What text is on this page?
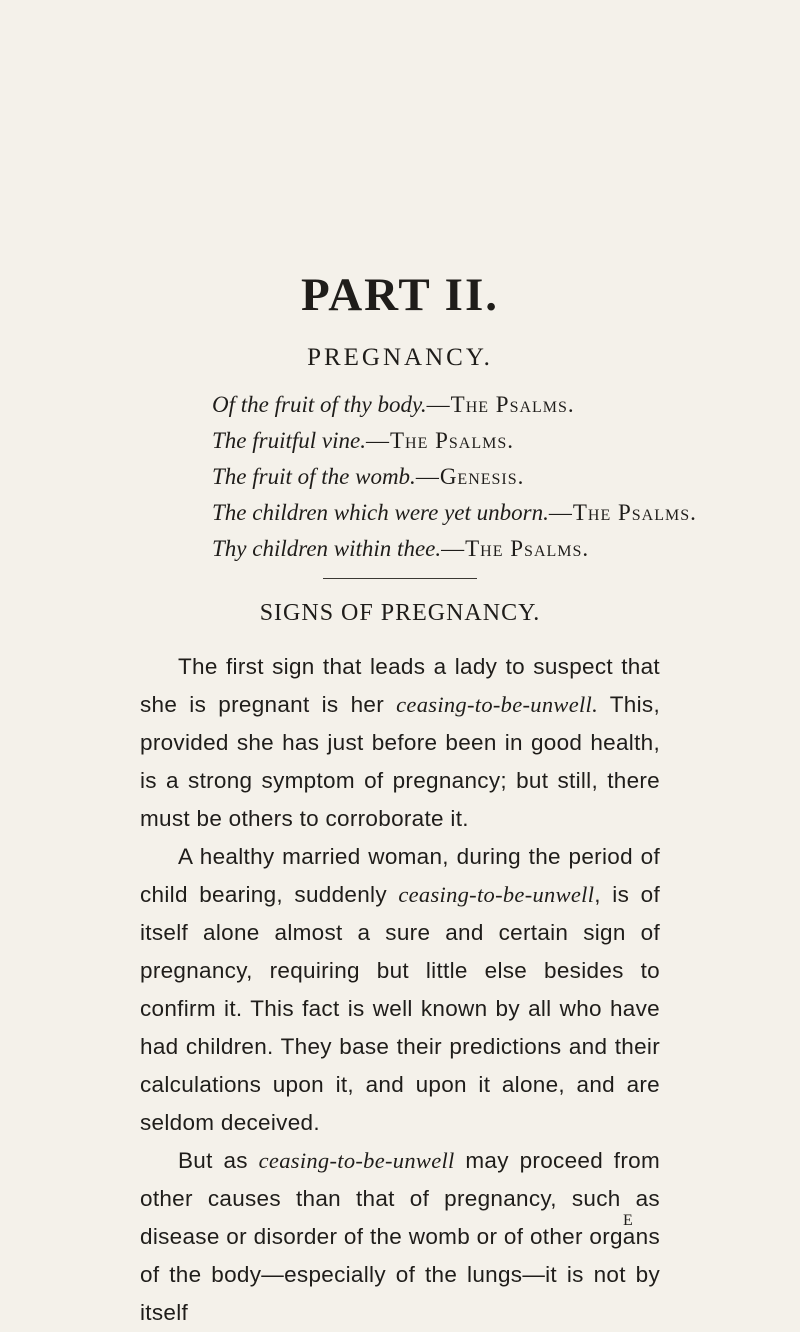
PART II.
PREGNANCY.
Of the fruit of thy body.—The Psalms.
The fruitful vine.—The Psalms.
The fruit of the womb.—Genesis.
The children which were yet unborn.—The Psalms.
Thy children within thee.—The Psalms.
SIGNS OF PREGNANCY.

The first sign that leads a lady to suspect that she is pregnant is her ceasing-to-be-unwell. This, provided she has just before been in good health, is a strong symptom of pregnancy; but still, there must be others to corroborate it.

A healthy married woman, during the period of child bearing, suddenly ceasing-to-be-unwell, is of itself alone almost a sure and certain sign of pregnancy, requiring but little else besides to confirm it. This fact is well known by all who have had children. They base their predictions and their calculations upon it, and upon it alone, and are seldom deceived.

But as ceasing-to-be-unwell may proceed from other causes than that of pregnancy, such as disease or disorder of the womb or of other organs of the body—especially of the lungs—it is not by itself

E
